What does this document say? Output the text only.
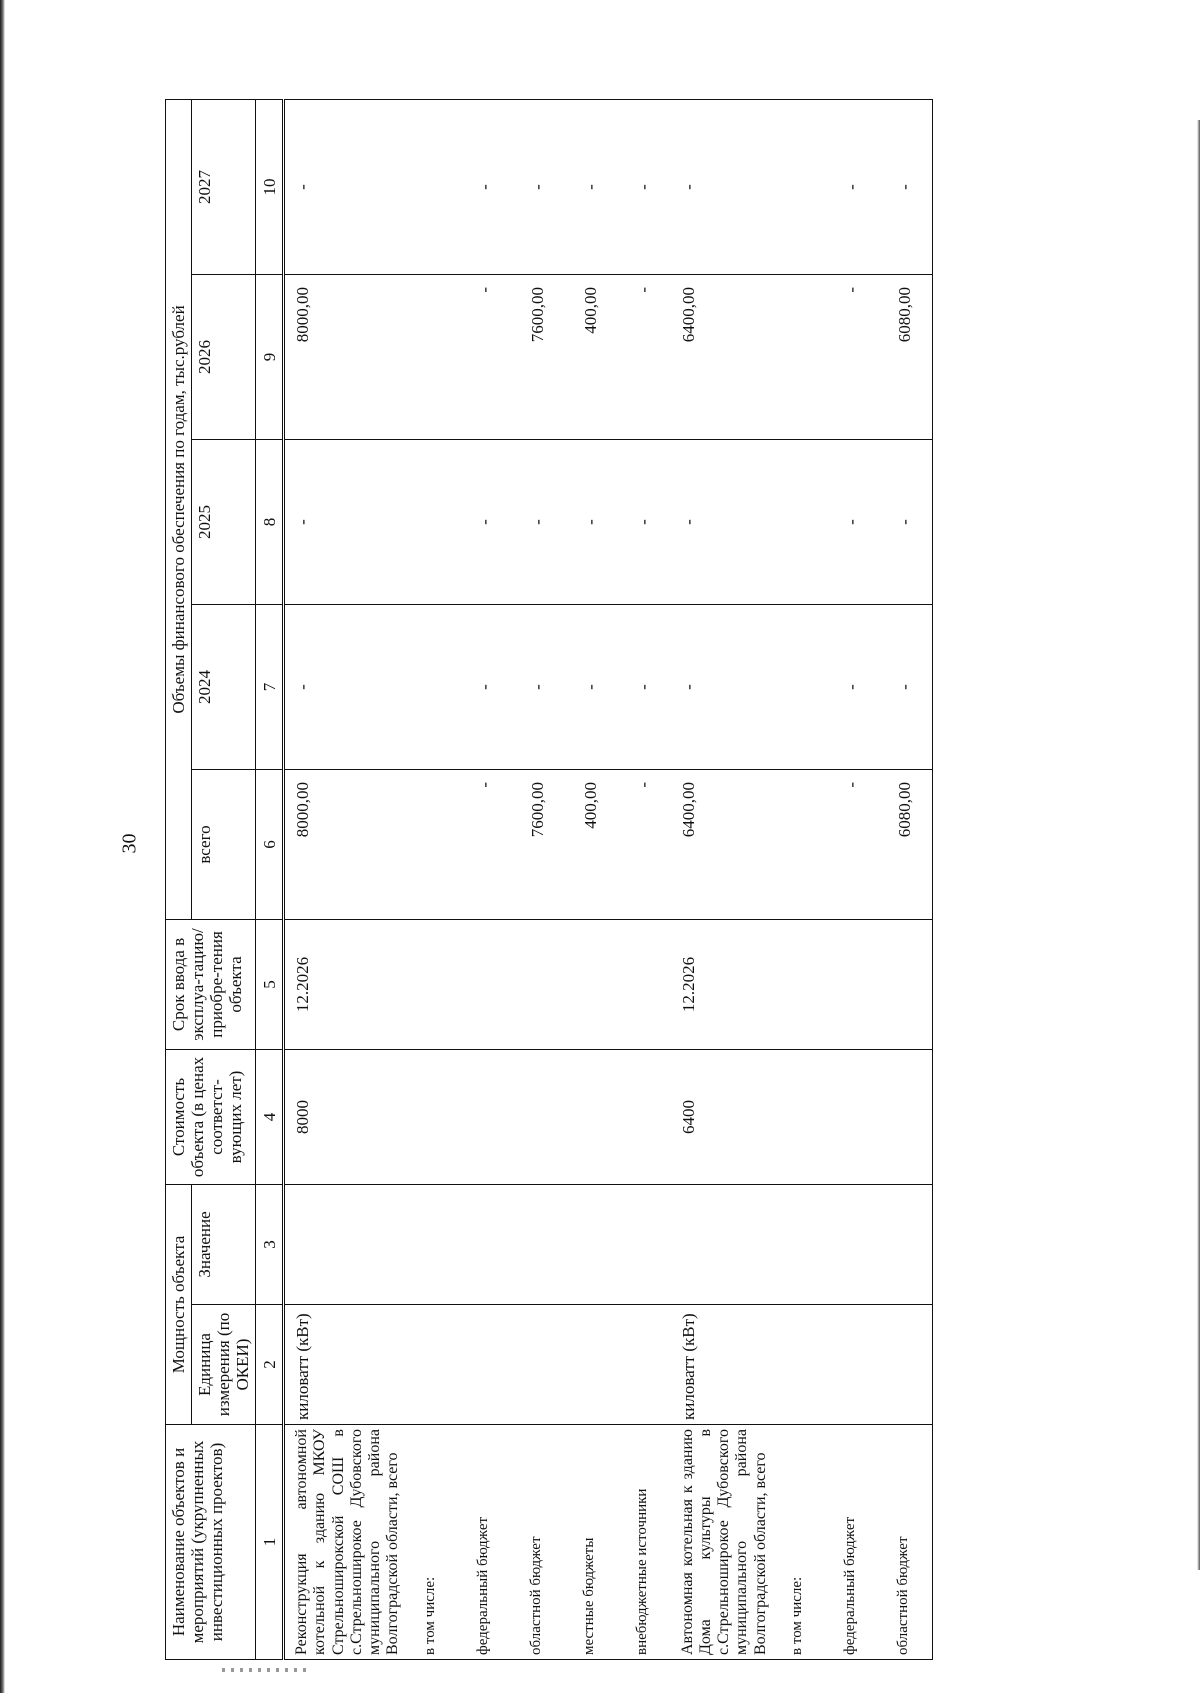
30
Наименование объектов и мероприятий (укрупненных инвестиционных проектов)	Мощность объекта		Стоимость объекта (в ценах соответст-вующих лет)	Срок ввода в эксплуа-тацию/ приобре-тения объекта	Объемы финансового обеспечения по годам, тыс.рублей				
	Единица измерения (по ОКЕИ)	Значение			всего	2024	2025	2026	2027
1	2	3	4	5	6	7	8	9	10
Реконструкция автономной котельной к зданию МКОУ Стрельноширокской СОШ в с.Стрельноширокое Дубовского муниципального района Волгоградской области, всего	киловатт (кВт)		8000	12.2026	8000,00	-	-	8000,00	-
в том числе:									
федеральный бюджет					-	-	-	-	-
областной бюджет					7600,00	-	-	7600,00	-
местные бюджеты					400,00	-	-	400,00	-
внебюджетные источники					-	-	-	-	-
Автономная котельная к зданию Дома культуры в с.Стрельноширокое Дубовского муниципального района Волгоградской области, всего	киловатт (кВт)		6400	12.2026	6400,00	-	-	6400,00	-
в том числе:									
федеральный бюджет					-	-	-	-	-
областной бюджет					6080,00	-	-	6080,00	-
